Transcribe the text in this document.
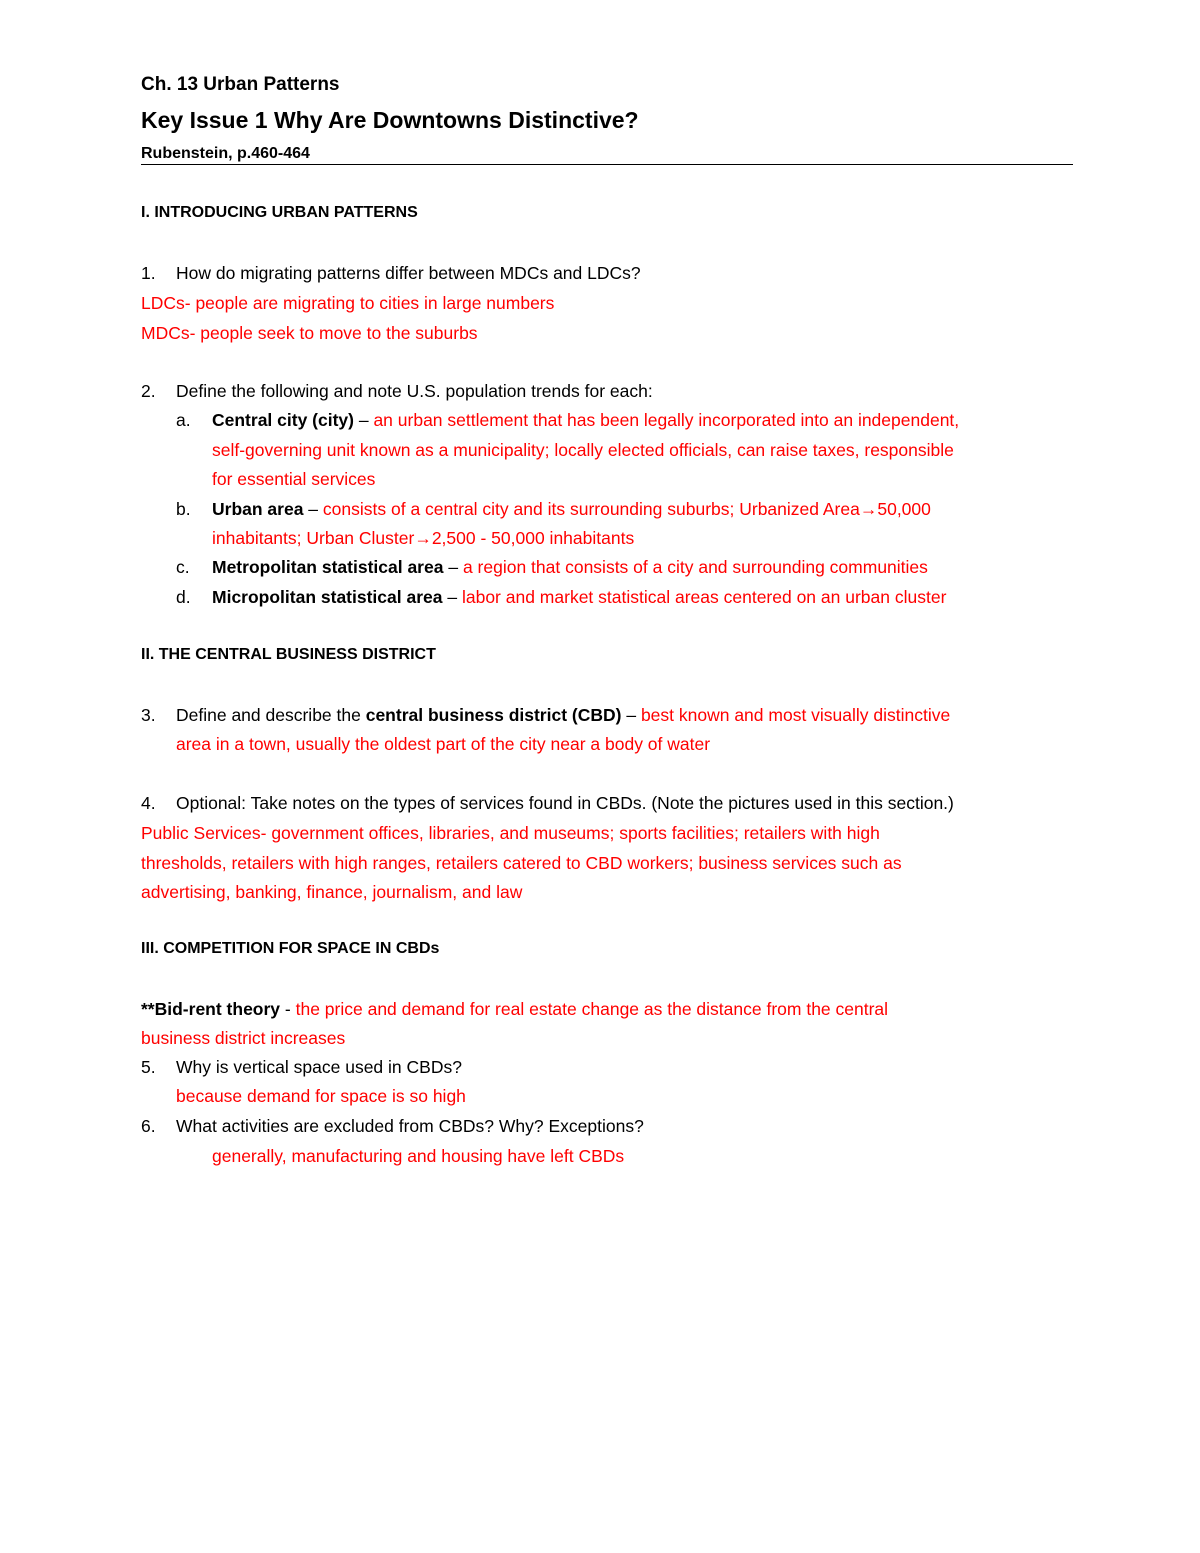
Ch. 13 Urban Patterns
Key Issue 1 Why Are Downtowns Distinctive?
Rubenstein, p.460-464
I. INTRODUCING URBAN PATTERNS
1. How do migrating patterns differ between MDCs and LDCs?
LDCs- people are migrating to cities in large numbers
MDCs- people seek to move to the suburbs
2. Define the following and note U.S. population trends for each:
a. Central city (city) – an urban settlement that has been legally incorporated into an independent,
self-governing unit known as a municipality; locally elected officials, can raise taxes, responsible
for essential services
b. Urban area – consists of a central city and its surrounding suburbs; Urbanized Area→50,000
inhabitants; Urban Cluster→2,500 - 50,000 inhabitants
c. Metropolitan statistical area – a region that consists of a city and surrounding communities
d. Micropolitan statistical area – labor and market statistical areas centered on an urban cluster
II. THE CENTRAL BUSINESS DISTRICT
3. Define and describe the central business district (CBD) – best known and most visually distinctive
area in a town, usually the oldest part of the city near a body of water
4. Optional: Take notes on the types of services found in CBDs. (Note the pictures used in this section.)
Public Services- government offices, libraries, and museums; sports facilities; retailers with high
thresholds, retailers with high ranges, retailers catered to CBD workers; business services such as
advertising, banking, finance, journalism, and law
III. COMPETITION FOR SPACE IN CBDs
**Bid-rent theory - the price and demand for real estate change as the distance from the central
business district increases
5. Why is vertical space used in CBDs?
because demand for space is so high
6. What activities are excluded from CBDs? Why? Exceptions?
generally, manufacturing and housing have left CBDs
